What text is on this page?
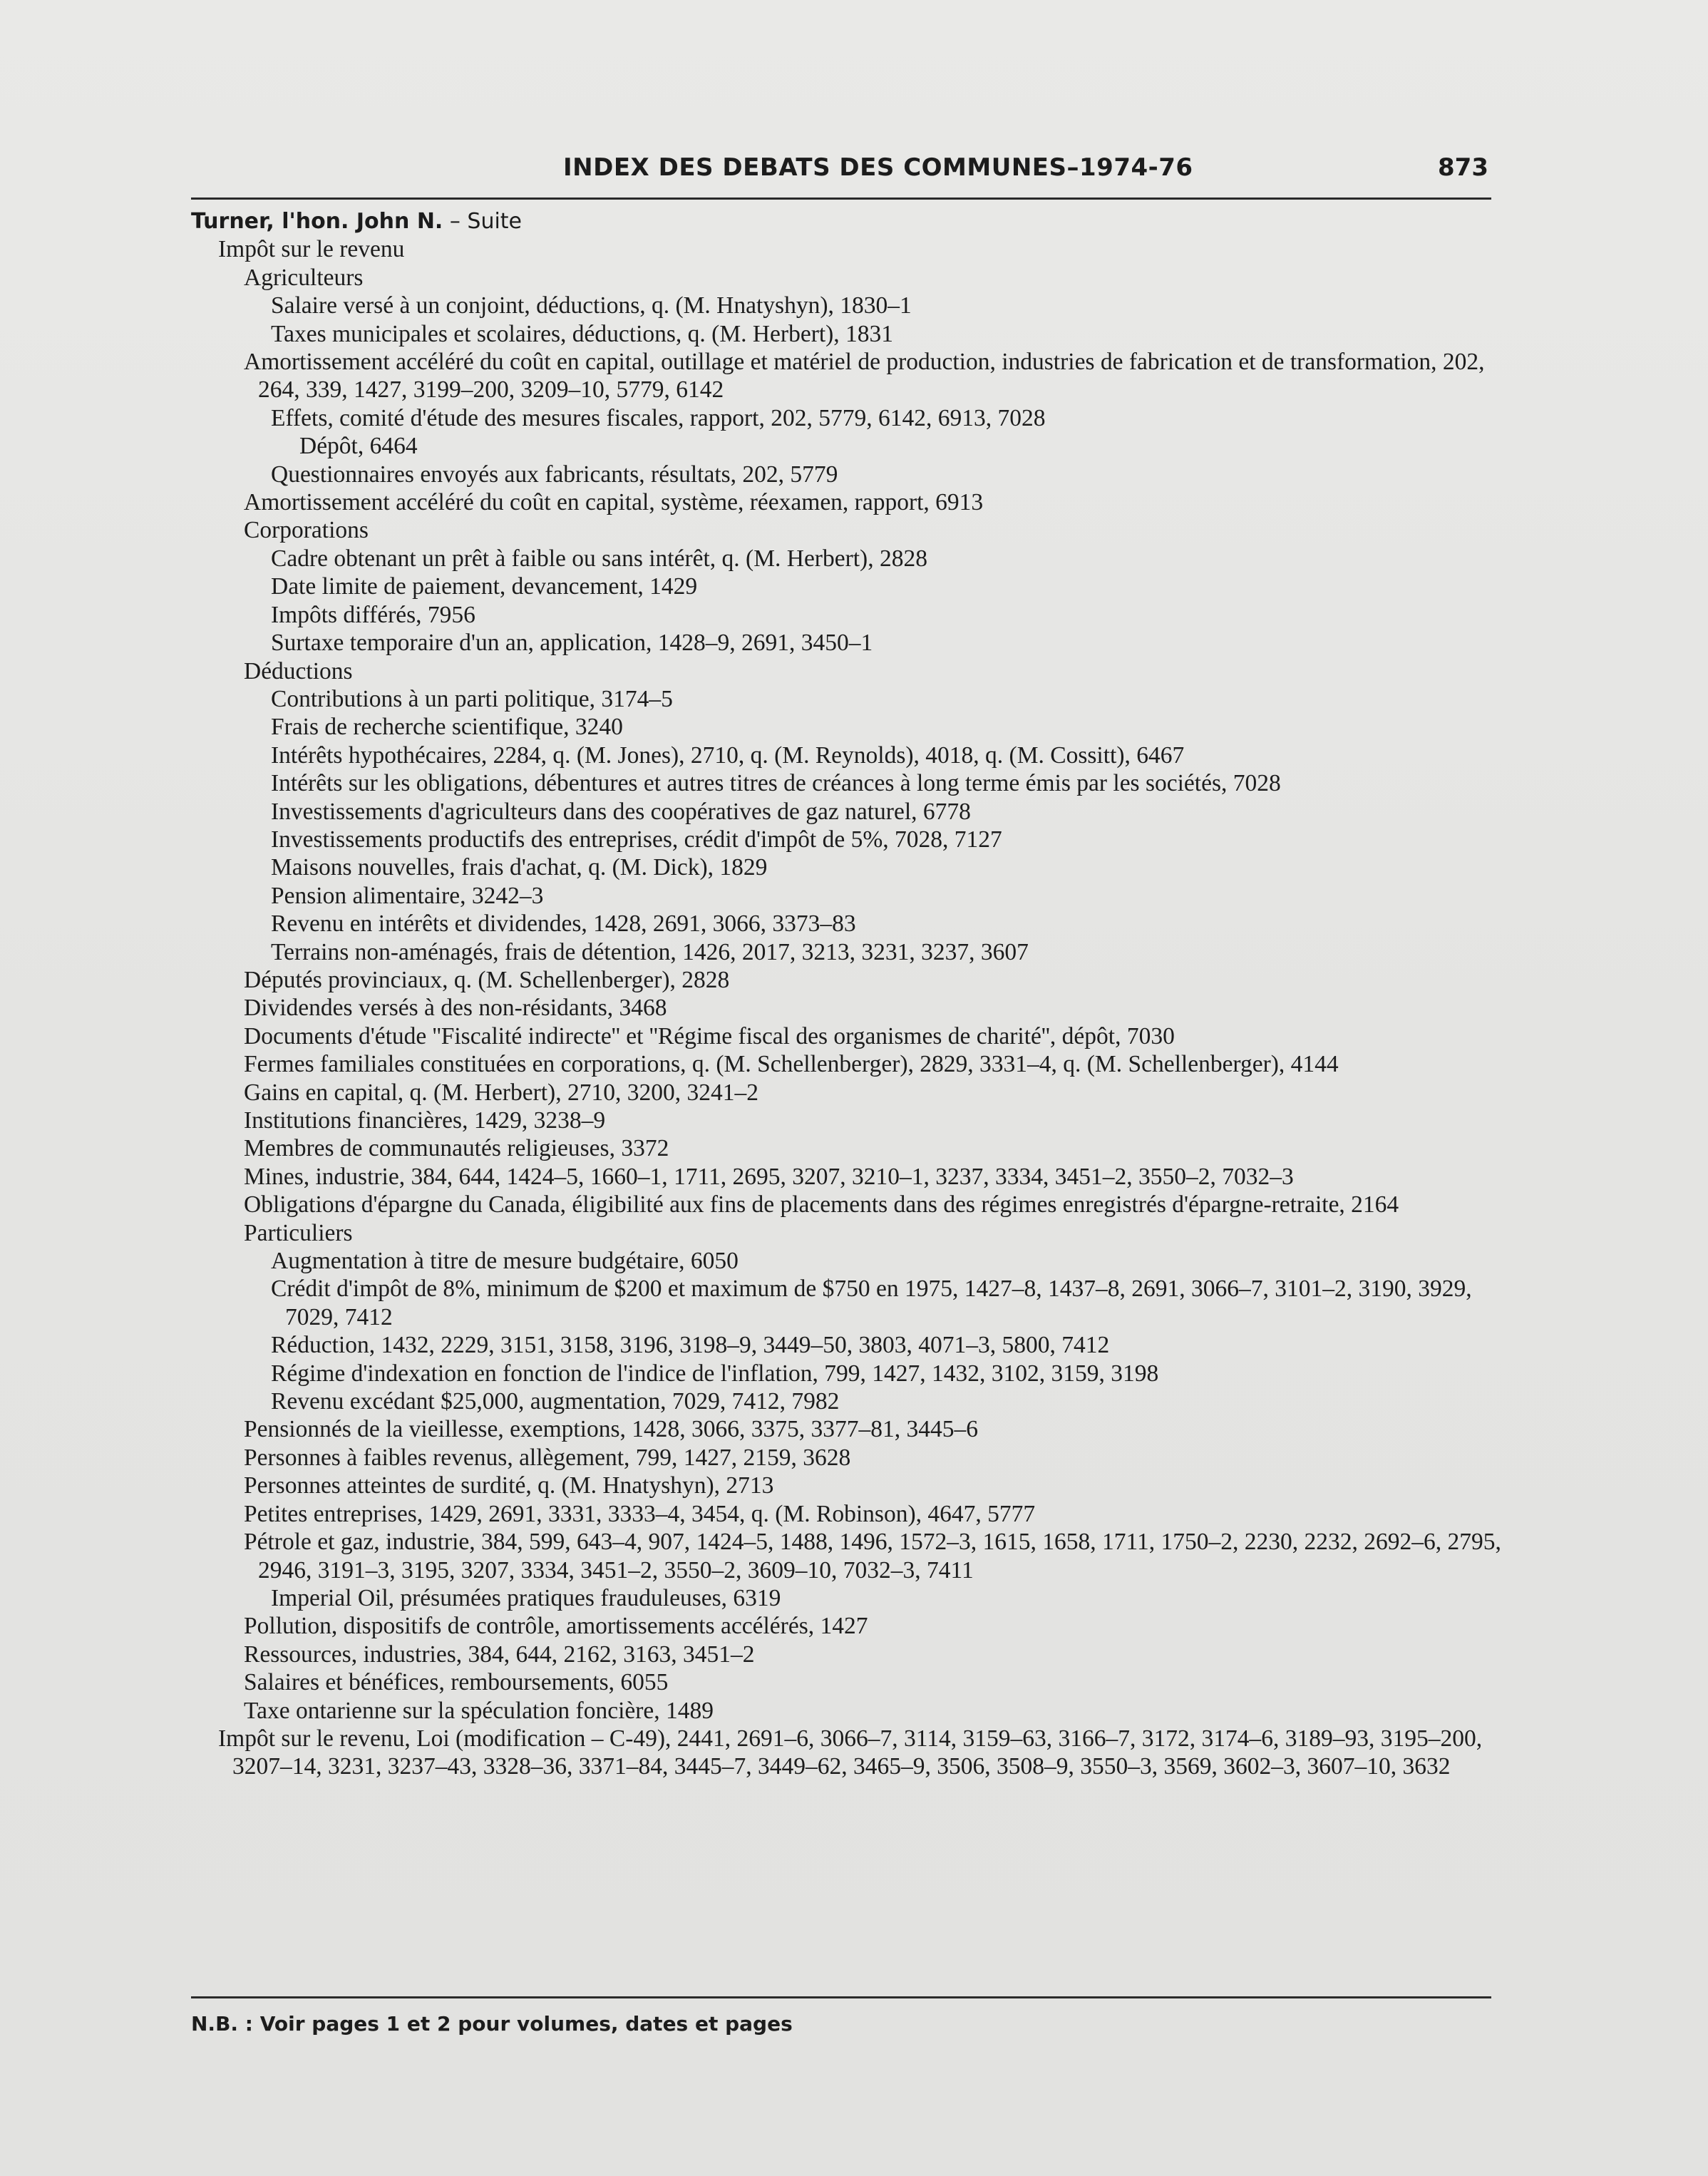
INDEX DES DEBATS DES COMMUNES–1974-76	873
Turner, l'hon. John N. – Suite
Impôt sur le revenu
Agriculteurs
Salaire versé à un conjoint, déductions, q. (M. Hnatyshyn), 1830–1
Taxes municipales et scolaires, déductions, q. (M. Herbert), 1831
Amortissement accéléré du coût en capital, outillage et matériel de production, industries de fabrication et de transformation, 202, 264, 339, 1427, 3199–200, 3209–10, 5779, 6142
Effets, comité d'étude des mesures fiscales, rapport, 202, 5779, 6142, 6913, 7028
Dépôt, 6464
Questionnaires envoyés aux fabricants, résultats, 202, 5779
Amortissement accéléré du coût en capital, système, réexamen, rapport, 6913
Corporations
Cadre obtenant un prêt à faible ou sans intérêt, q. (M. Herbert), 2828
Date limite de paiement, devancement, 1429
Impôts différés, 7956
Surtaxe temporaire d'un an, application, 1428–9, 2691, 3450–1
Déductions
Contributions à un parti politique, 3174–5
Frais de recherche scientifique, 3240
Intérêts hypothécaires, 2284, q. (M. Jones), 2710, q. (M. Reynolds), 4018, q. (M. Cossitt), 6467
Intérêts sur les obligations, débentures et autres titres de créances à long terme émis par les sociétés, 7028
Investissements d'agriculteurs dans des coopératives de gaz naturel, 6778
Investissements productifs des entreprises, crédit d'impôt de 5%, 7028, 7127
Maisons nouvelles, frais d'achat, q. (M. Dick), 1829
Pension alimentaire, 3242–3
Revenu en intérêts et dividendes, 1428, 2691, 3066, 3373–83
Terrains non-aménagés, frais de détention, 1426, 2017, 3213, 3231, 3237, 3607
Députés provinciaux, q. (M. Schellenberger), 2828
Dividendes versés à des non-résidants, 3468
Documents d'étude ''Fiscalité indirecte'' et ''Régime fiscal des organismes de charité'', dépôt, 7030
Fermes familiales constituées en corporations, q. (M. Schellenberger), 2829, 3331–4, q. (M. Schellenberger), 4144
Gains en capital, q. (M. Herbert), 2710, 3200, 3241–2
Institutions financières, 1429, 3238–9
Membres de communautés religieuses, 3372
Mines, industrie, 384, 644, 1424–5, 1660–1, 1711, 2695, 3207, 3210–1, 3237, 3334, 3451–2, 3550–2, 7032–3
Obligations d'épargne du Canada, éligibilité aux fins de placements dans des régimes enregistrés d'épargne-retraite, 2164
Particuliers
Augmentation à titre de mesure budgétaire, 6050
Crédit d'impôt de 8%, minimum de $200 et maximum de $750 en 1975, 1427–8, 1437–8, 2691, 3066–7, 3101–2, 3190, 3929, 7029, 7412
Réduction, 1432, 2229, 3151, 3158, 3196, 3198–9, 3449–50, 3803, 4071–3, 5800, 7412
Régime d'indexation en fonction de l'indice de l'inflation, 799, 1427, 1432, 3102, 3159, 3198
Revenu excédant $25,000, augmentation, 7029, 7412, 7982
Pensionnés de la vieillesse, exemptions, 1428, 3066, 3375, 3377–81, 3445–6
Personnes à faibles revenus, allègement, 799, 1427, 2159, 3628
Personnes atteintes de surdité, q. (M. Hnatyshyn), 2713
Petites entreprises, 1429, 2691, 3331, 3333–4, 3454, q. (M. Robinson), 4647, 5777
Pétrole et gaz, industrie, 384, 599, 643–4, 907, 1424–5, 1488, 1496, 1572–3, 1615, 1658, 1711, 1750–2, 2230, 2232, 2692–6, 2795, 2946, 3191–3, 3195, 3207, 3334, 3451–2, 3550–2, 3609–10, 7032–3, 7411
Imperial Oil, présumées pratiques frauduleuses, 6319
Pollution, dispositifs de contrôle, amortissements accélérés, 1427
Ressources, industries, 384, 644, 2162, 3163, 3451–2
Salaires et bénéfices, remboursements, 6055
Taxe ontarienne sur la spéculation foncière, 1489
Impôt sur le revenu, Loi (modification – C-49), 2441, 2691–6, 3066–7, 3114, 3159–63, 3166–7, 3172, 3174–6, 3189–93, 3195–200, 3207–14, 3231, 3237–43, 3328–36, 3371–84, 3445–7, 3449–62, 3465–9, 3506, 3508–9, 3550–3, 3569, 3602–3, 3607–10, 3632
N.B. : Voir pages 1 et 2 pour volumes, dates et pages
